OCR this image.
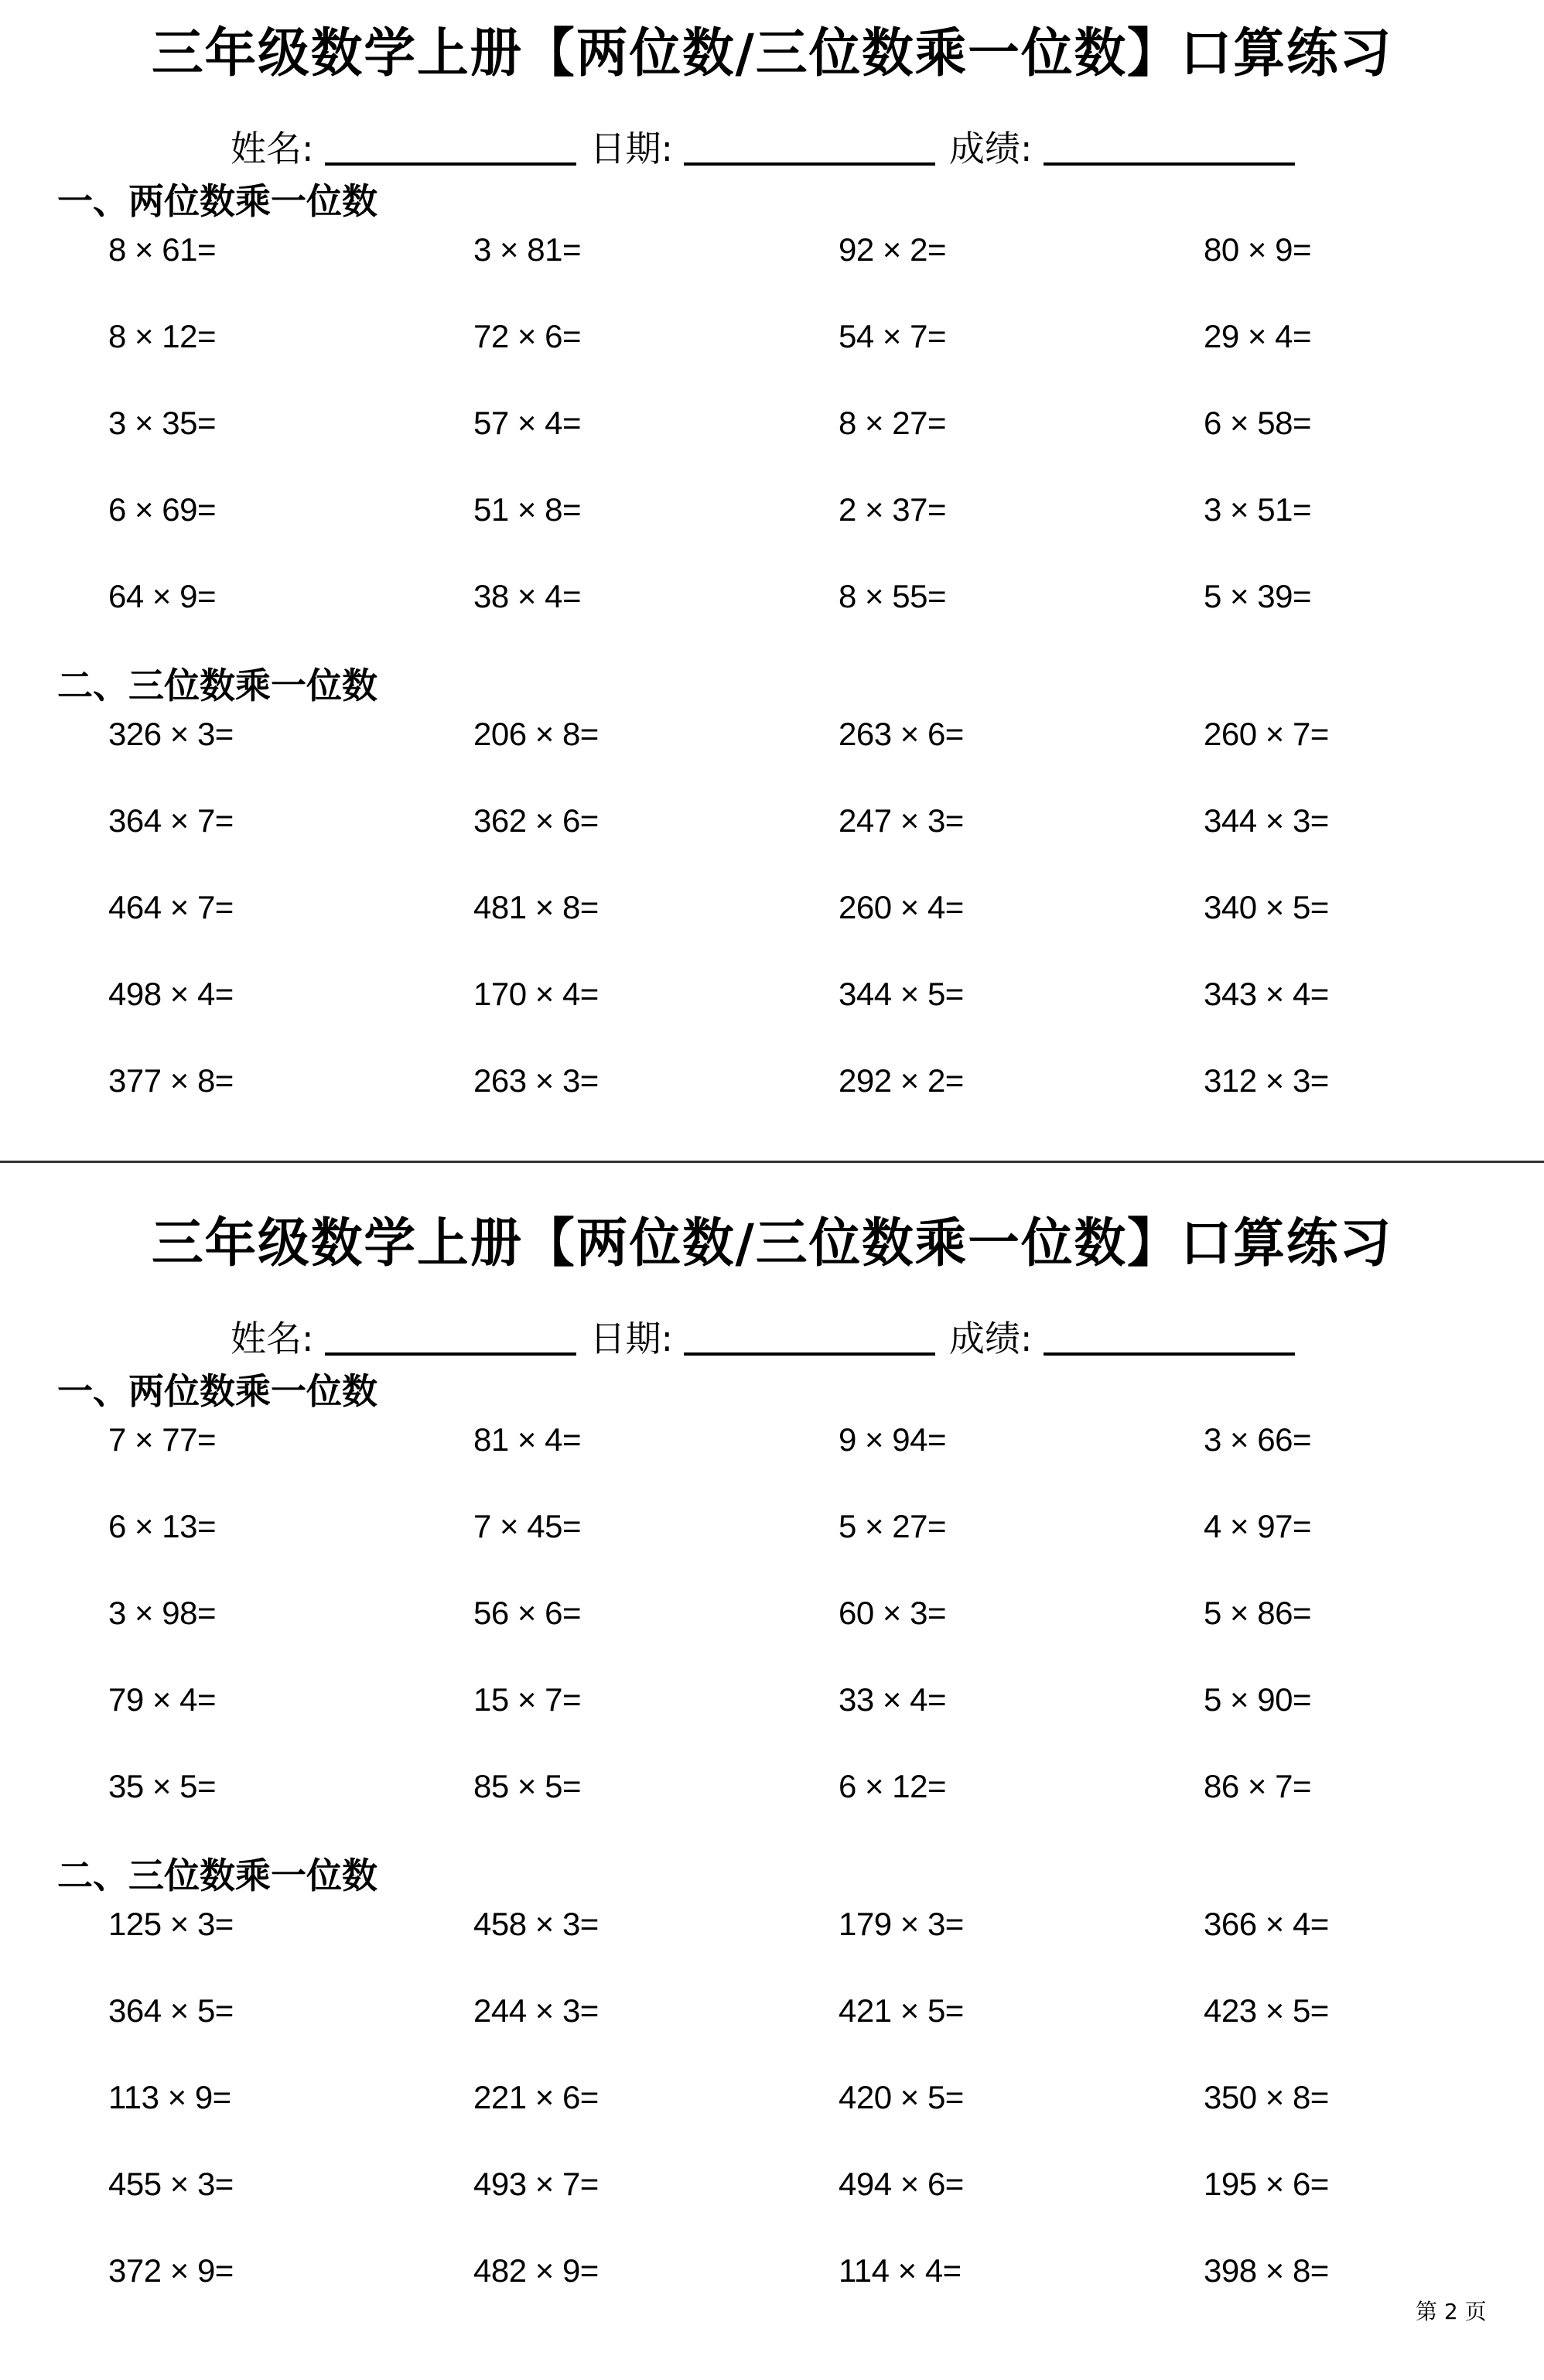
三年级数学上册【两位数/三位数乘一位数】口算练习
姓名:	日期:	成绩:
一、两位数乘一位数
8 × 61=	3 × 81=	92 × 2=	80 × 9=
8 × 12=	72 × 6=	54 × 7=	29 × 4=
3 × 35=	57 × 4=	8 × 27=	6 × 58=
6 × 69=	51 × 8=	2 × 37=	3 × 51=
64 × 9=	38 × 4=	8 × 55=	5 × 39=
二、三位数乘一位数
326 × 3=	206 × 8=	263 × 6=	260 × 7=
364 × 7=	362 × 6=	247 × 3=	344 × 3=
464 × 7=	481 × 8=	260 × 4=	340 × 5=
498 × 4=	170 × 4=	344 × 5=	343 × 4=
377 × 8=	263 × 3=	292 × 2=	312 × 3=
三年级数学上册【两位数/三位数乘一位数】口算练习
姓名:	日期:	成绩:
一、两位数乘一位数
7 × 77=	81 × 4=	9 × 94=	3 × 66=
6 × 13=	7 × 45=	5 × 27=	4 × 97=
3 × 98=	56 × 6=	60 × 3=	5 × 86=
79 × 4=	15 × 7=	33 × 4=	5 × 90=
35 × 5=	85 × 5=	6 × 12=	86 × 7=
二、三位数乘一位数
125 × 3=	458 × 3=	179 × 3=	366 × 4=
364 × 5=	244 × 3=	421 × 5=	423 × 5=
113 × 9=	221 × 6=	420 × 5=	350 × 8=
455 × 3=	493 × 7=	494 × 6=	195 × 6=
372 × 9=	482 × 9=	114 × 4=	398 × 8=
第 2 页
